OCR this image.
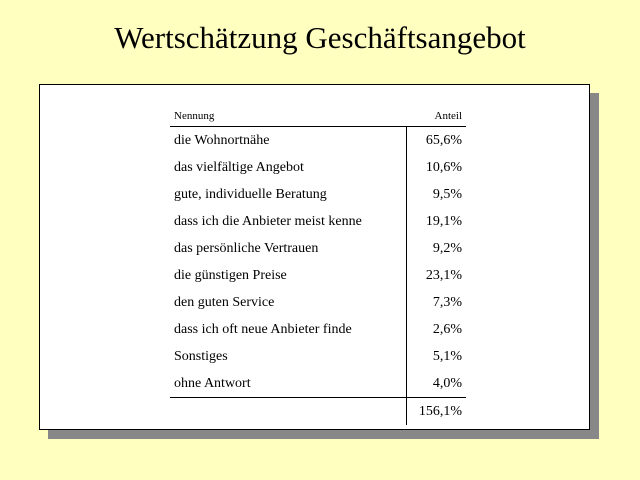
Wertschätzung Geschäftsangebot
Nennung	Anteil
die Wohnortnähe	65,6%
das vielfältige Angebot	10,6%
gute, individuelle Beratung	9,5%
dass ich die Anbieter meist kenne	19,1%
das persönliche Vertrauen	9,2%
die günstigen Preise	23,1%
den guten Service	7,3%
dass ich oft neue Anbieter finde	2,6%
Sonstiges	5,1%
ohne Antwort	4,0%
	156,1%
